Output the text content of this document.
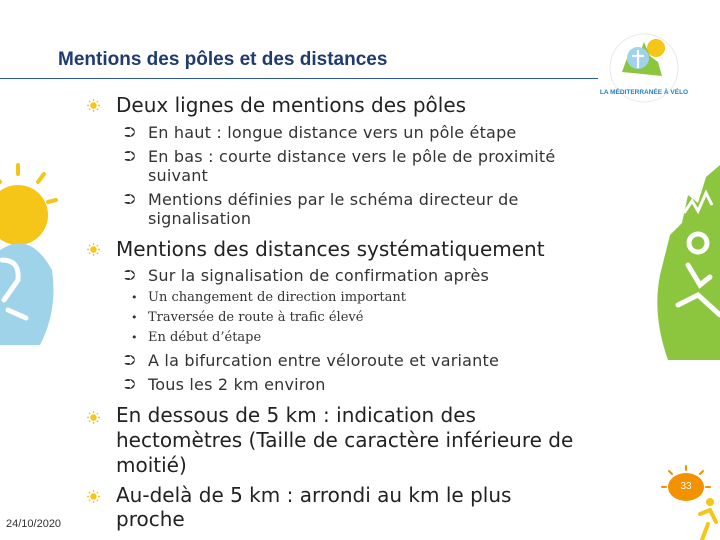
LA MÉDITERRANÉE À VÉLO
Mentions des pôles et des distances
Deux lignes de mentions des pôles
⮊ En haut : longue distance vers un pôle étape
⮊ En bas : courte distance vers le pôle de proximité
suivant
⮊ Mentions définies par le schéma directeur de
signalisation
Mentions des distances systématiquement
⮊ Sur la signalisation de confirmation après
• Un changement de direction important
• Traversée de route à trafic élevé
• En début d’étape
⮊ A la bifurcation entre véloroute et variante
⮊ Tous les 2 km environ
En dessous de 5 km : indication des
hectomètres (Taille de caractère inférieure de
moitié)
Au-delà de 5 km : arrondi au km le plus
proche
24/10/2020
33
